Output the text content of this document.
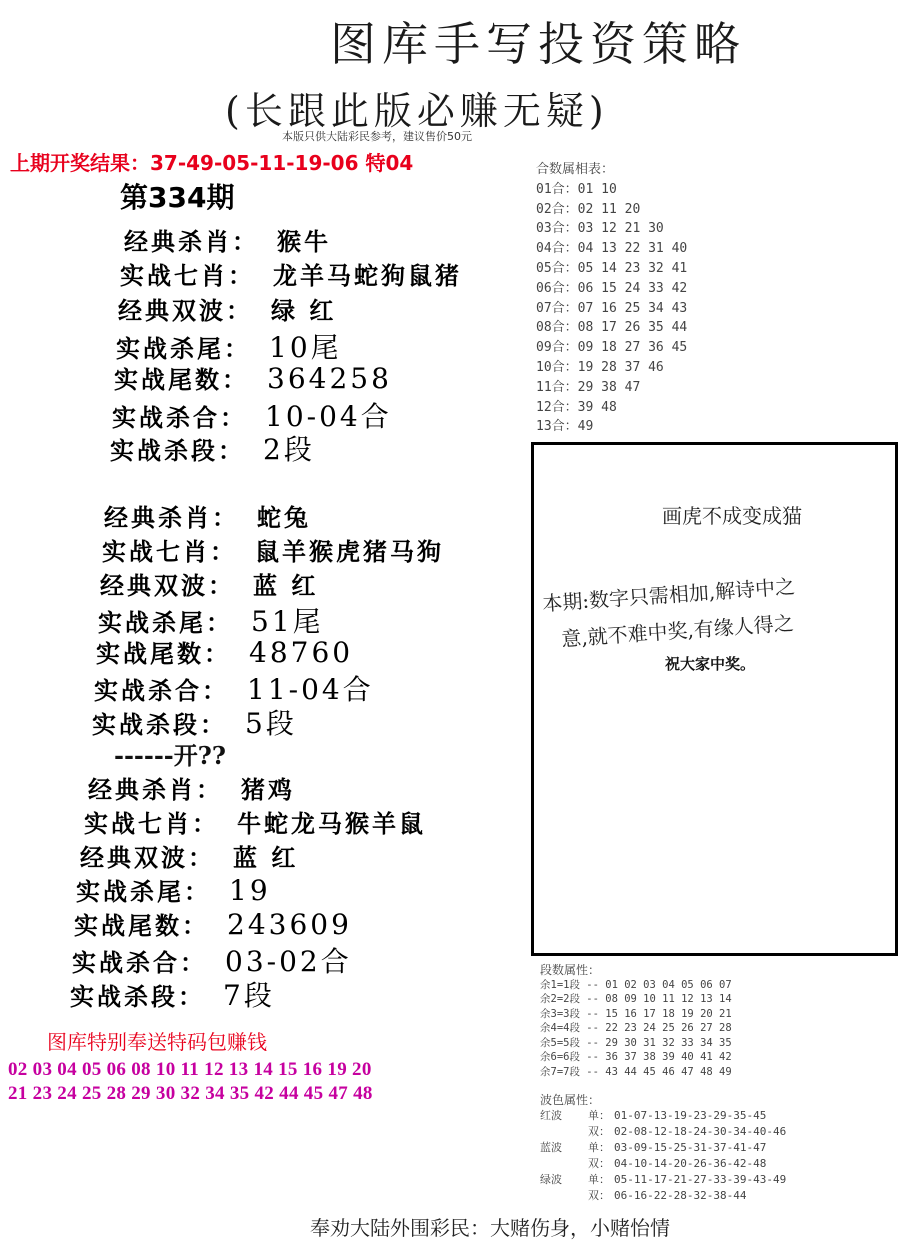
图库手写投资策略
(长跟此版必赚无疑)
本版只供大陆彩民参考，建议售价50元
上期开奖结果：37-49-05-11-19-06 特04
第334期
经典杀肖： 猴牛
实战七肖： 龙羊马蛇狗鼠猪
经典双波： 绿 红
实战杀尾： 10尾
实战尾数： 364258
实战杀合： 10-04合
实战杀段： 2段
经典杀肖： 蛇兔
实战七肖： 鼠羊猴虎猪马狗
经典双波： 蓝 红
实战杀尾： 51尾
实战尾数： 48760
实战杀合： 11-04合
实战杀段： 5段
------开??
经典杀肖： 猪鸡
实战七肖： 牛蛇龙马猴羊鼠
经典双波： 蓝 红
实战杀尾： 19
实战尾数： 243609
实战杀合： 03-02合
实战杀段： 7段
合数属相表：
01合：01 10
02合：02 11 20
03合：03 12 21 30
04合：04 13 22 31 40
05合：05 14 23 32 41
06合：06 15 24 33 42
07合：07 16 25 34 43
08合：08 17 26 35 44
09合：09 18 27 36 45
10合：19 28 37 46
11合：29 38 47
12合：39 48
13合：49
画虎不成变成猫
本期:数字只需相加,解诗中之
意,就不难中奖,有缘人得之
祝大家中奖。
图库特别奉送特码包赚钱
02 03 04 05 06 08 10 11 12 13 14 15 16 19 20
21 23 24 25 28 29 30 32 34 35 42 44 45 47 48
段数属性：
余1=1段 -- 01 02 03 04 05 06 07
余2=2段 -- 08 09 10 11 12 13 14
余3=3段 -- 15 16 17 18 19 20 21
余4=4段 -- 22 23 24 25 26 27 28
余5=5段 -- 29 30 31 32 33 34 35
余6=6段 -- 36 37 38 39 40 41 42
余7=7段 -- 43 44 45 46 47 48 49
波色属性：
红波 单： 01-07-13-19-23-29-35-45
双： 02-08-12-18-24-30-34-40-46
蓝波 单： 03-09-15-25-31-37-41-47
双： 04-10-14-20-26-36-42-48
绿波 单： 05-11-17-21-27-33-39-43-49
双： 06-16-22-28-32-38-44
奉劝大陆外围彩民：大赌伤身，小赌怡情
